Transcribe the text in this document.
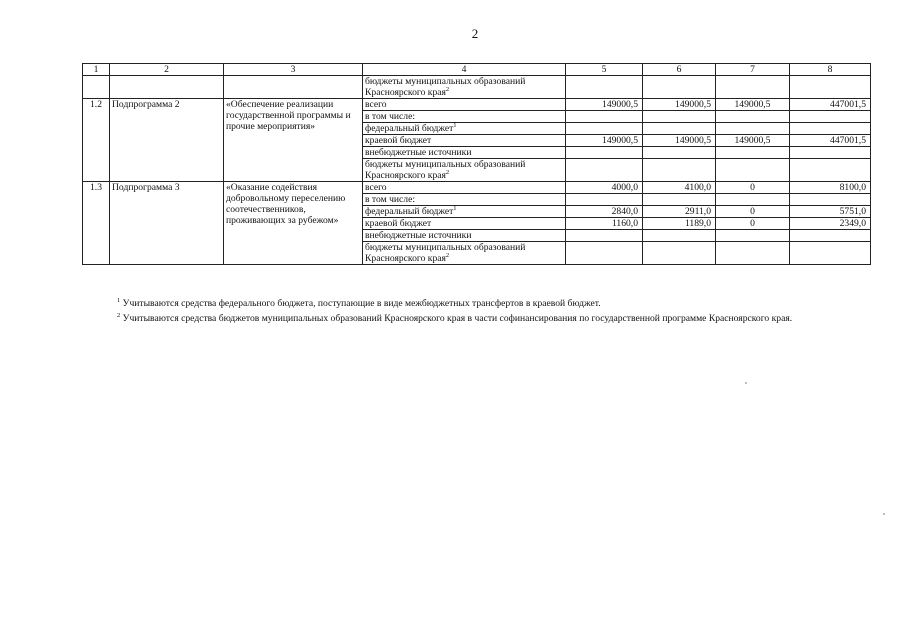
2
1	2	3	4	5	6	7	8
			бюджеты муниципальных образований Красноярского края$^2$				
1.2	Подпрограмма 2	«Обеспечение реализации государственной программы и прочие мероприятия»	всего	149000,5	149000,5	149000,5	447001,5
			в том числе:				
			федеральный бюджет$^1$				
			краевой бюджет	149000,5	149000,5	149000,5	447001,5
			внебюджетные источники				
			бюджеты муниципальных образований Красноярского края$^2$				
1.3	Подпрограмма 3	«Оказание содействия добровольному переселению соотечественников, проживающих за рубежом»	всего	4000,0	4100,0	0	8100,0
			в том числе:				
			федеральный бюджет$^1$	2840,0	2911,0	0	5751,0
			краевой бюджет	1160,0	1189,0	0	2349,0
			внебюджетные источники				
			бюджеты муниципальных образований Красноярского края$^2$				

$^1$ Учитываются средства федерального бюджета, поступающие в виде межбюджетных трансфертов в краевой бюджет.

$^2$ Учитываются средства бюджетов муниципальных образований Красноярского края в части софинансирования по государственной программе Красноярского края.
